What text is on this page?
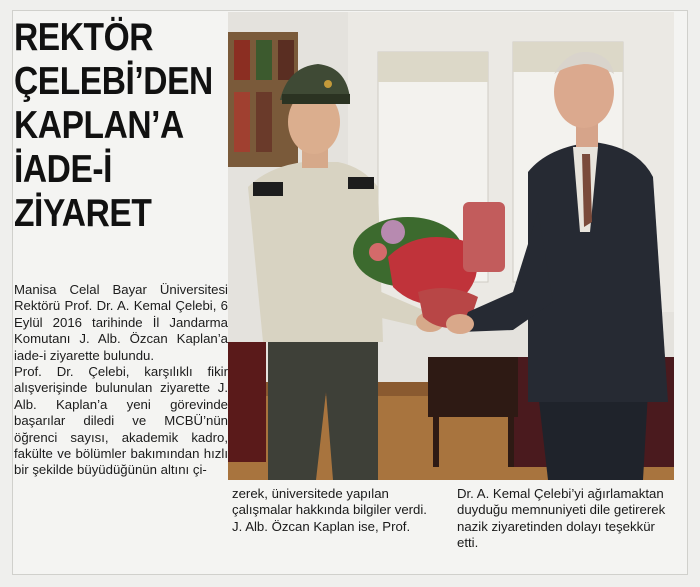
REKTÖR
ÇELEBİ’DEN
KAPLAN’A
İADE-İ
ZİYARET

Manisa Celal Bayar Üniversitesi Rektörü Prof. Dr. A. Kemal Çelebi, 6 Eylül 2016 tarihinde İl Jandarma Komutanı J. Alb. Özcan Kaplan’a iade-i ziyarette bulundu.

Prof. Dr. Çelebi, karşılıklı fikir alışverişinde bulunulan ziyarette J. Alb. Kaplan’a yeni görevinde başarılar diledi ve MCBÜ’nün öğrenci sayısı, akademik kadro, fakülte ve bölümler bakımından hızlı bir şekilde büyüdüğünün altını çi-

zerek, üniversitede yapılan çalışmalar hakkında bilgiler verdi.

J. Alb. Özcan Kaplan ise, Prof.

Dr. A. Kemal Çelebi’yi ağırlamaktan duyduğu memnuniyeti dile getirerek nazik ziyaretinden dolayı teşekkür etti.
